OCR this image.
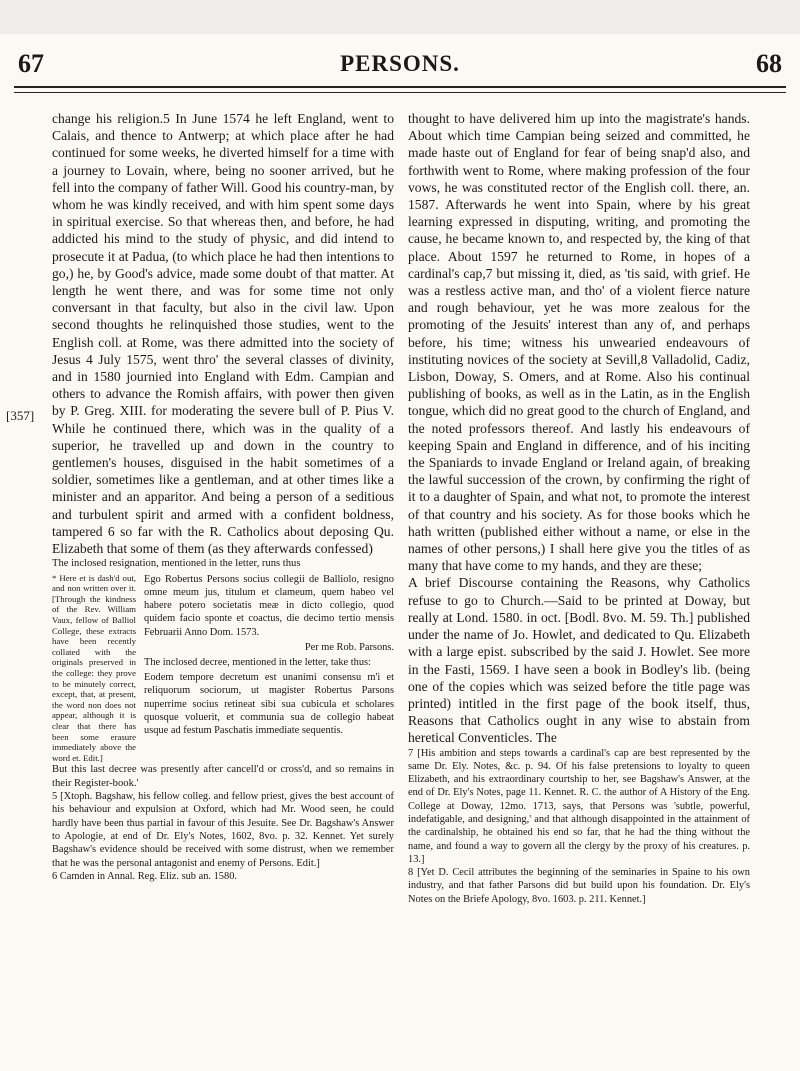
67	PERSONS.	68
[357]

change his religion.5 In June 1574 he left England, went to Calais, and thence to Antwerp; at which place after he had continued for some weeks, he diverted himself for a time with a journey to Lovain, where, being no sooner arrived, but he fell into the company of father Will. Good his country-man, by whom he was kindly received, and with him spent some days in spiritual exercise. So that whereas then, and before, he had addicted his mind to the study of physic, and did intend to prosecute it at Padua, (to which place he had then intentions to go,) he, by Good's advice, made some doubt of that matter. At length he went there, and was for some time not only conversant in that faculty, but also in the civil law. Upon second thoughts he relinquished those studies, went to the English coll. at Rome, was there admitted into the society of Jesus 4 July 1575, went thro' the several classes of divinity, and in 1580 journied into England with Edm. Campian and others to advance the Romish affairs, with power then given by P. Greg. XIII. for moderating the severe bull of P. Pius V. While he continued there, which was in the quality of a superior, he travelled up and down in the country to gentlemen's houses, disguised in the habit sometimes of a soldier, sometimes like a gentleman, and at other times like a minister and an apparitor. And being a person of a seditious and turbulent spirit and armed with a confident boldness, tampered 6 so far with the R. Catholics about deposing Qu. Elizabeth that some of them (as they afterwards confessed)

The inclosed resignation, mentioned in the letter, runs thus

* Here et is dash'd out, and non written over it. [Through the kindness of the Rev. William Vaux, fellow of Balliol College, these extracts have been recently collated with the originals preserved in the college: they prove to be minutely correct, except, that, at present, the word non does not appear, although it is clear that there has been some erasure immediately above the word et. Edit.]

Ego Robertus Persons socius collegii de Balliolo, resigno omne meum jus, titulum et clameum, quem habeo vel habere potero societatis meæ in dicto collegio, quod quidem facio sponte et coactus, die decimo tertio mensis Februarii Anno Dom. 1573.

Per me Rob. Parsons.

The inclosed decree, mentioned in the letter, take thus:

Eodem tempore decretum est unanimi consensu m'i et reliquorum sociorum, ut magister Robertus Parsons nuperrime socius retineat sibi sua cubicula et scholares quosque voluerit, et communia sua de collegio habeat usque ad festum Paschatis immediate sequentis.

But this last decree was presently after cancell'd or cross'd, and so remains in their Register-book.'

5 [Xtoph. Bagshaw, his fellow colleg. and fellow priest, gives the best account of his behaviour and expulsion at Oxford, which had Mr. Wood seen, he could hardly have been thus partial in favour of this Jesuite. See Dr. Bagshaw's Answer to Apologie, at end of Dr. Ely's Notes, 1602, 8vo. p. 32. Kennet. Yet surely Bagshaw's evidence should be received with some distrust, when we remember that he was the personal antagonist and enemy of Persons. Edit.]

6 Camden in Annal. Reg. Eliz. sub an. 1580.

thought to have delivered him up into the magistrate's hands. About which time Campian being seized and committed, he made haste out of England for fear of being snap'd also, and forthwith went to Rome, where making profession of the four vows, he was constituted rector of the English coll. there, an. 1587. Afterwards he went into Spain, where by his great learning expressed in disputing, writing, and promoting the cause, he became known to, and respected by, the king of that place. About 1597 he returned to Rome, in hopes of a cardinal's cap,7 but missing it, died, as 'tis said, with grief. He was a restless active man, and tho' of a violent fierce nature and rough behaviour, yet he was more zealous for the promoting of the Jesuits' interest than any of, and perhaps before, his time; witness his unwearied endeavours of instituting novices of the society at Sevill,8 Valladolid, Cadiz, Lisbon, Doway, S. Omers, and at Rome. Also his continual publishing of books, as well as in the Latin, as in the English tongue, which did no great good to the church of England, and the noted professors thereof. And lastly his endeavours of keeping Spain and England in difference, and of his inciting the Spaniards to invade England or Ireland again, of breaking the lawful succession of the crown, by confirming the right of it to a daughter of Spain, and what not, to promote the interest of that country and his society. As for those books which he hath written (published either without a name, or else in the names of other persons,) I shall here give you the titles of as many that have come to my hands, and they are these;

A brief Discourse containing the Reasons, why Catholics refuse to go to Church.—Said to be printed at Doway, but really at Lond. 1580. in oct. [Bodl. 8vo. M. 59. Th.] published under the name of Jo. Howlet, and dedicated to Qu. Elizabeth with a large epist. subscribed by the said J. Howlet. See more in the Fasti, 1569. I have seen a book in Bodley's lib. (being one of the copies which was seized before the title page was printed) intitled in the first page of the book itself, thus, Reasons that Catholics ought in any wise to abstain from heretical Conventicles. The

7 [His ambition and steps towards a cardinal's cap are best represented by the same Dr. Ely. Notes, &c. p. 94. Of his false pretensions to loyalty to queen Elizabeth, and his extraordinary courtship to her, see Bagshaw's Answer, at the end of Dr. Ely's Notes, page 11. Kennet. R. C. the author of A History of the Eng. College at Doway, 12mo. 1713, says, that Persons was 'subtle, powerful, indefatigable, and designing,' and that although disappointed in the attainment of the cardinalship, he obtained his end so far, that he had the thing without the name, and found a way to govern all the clergy by the proxy of his creatures. p. 13.]

8 [Yet D. Cecil attributes the beginning of the seminaries in Spaine to his own industry, and that father Parsons did but build upon his foundation. Dr. Ely's Notes on the Briefe Apology, 8vo. 1603. p. 211. Kennet.]
